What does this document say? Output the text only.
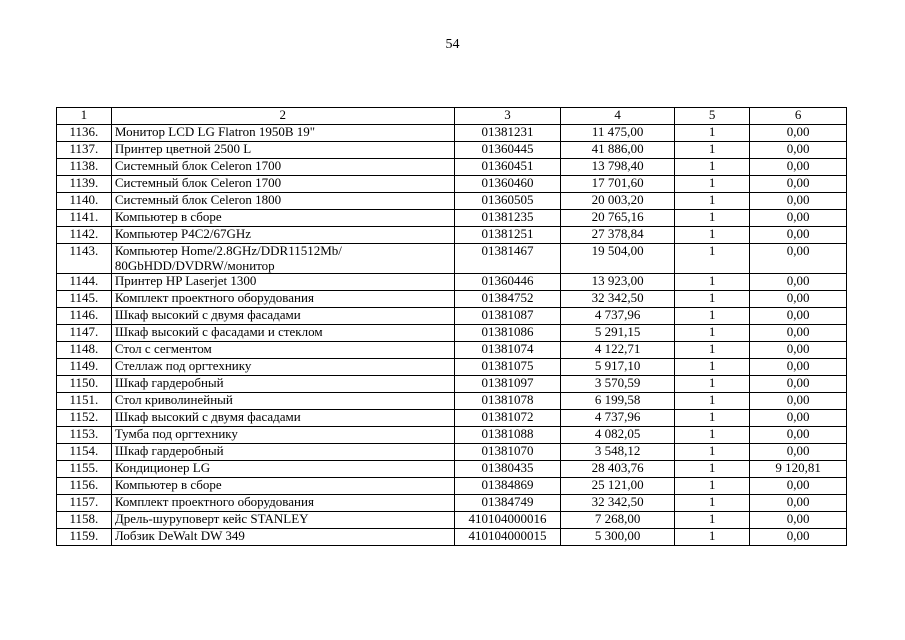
54
1	2	3	4	5	6
1136.	Монитор LCD LG Flatron 1950B 19"	01381231	11 475,00	1	0,00
1137.	Принтер цветной 2500 L	01360445	41 886,00	1	0,00
1138.	Системный блок Celeron 1700	01360451	13 798,40	1	0,00
1139.	Системный блок Celeron 1700	01360460	17 701,60	1	0,00
1140.	Системный блок Celeron 1800	01360505	20 003,20	1	0,00
1141.	Компьютер в сборе	01381235	20 765,16	1	0,00
1142.	Компьютер P4C2/67GHz	01381251	27 378,84	1	0,00
1143.	Компьютер Home/2.8GHz/DDR11512Mb/ 80GbHDD/DVDRW/монитор	01381467	19 504,00	1	0,00
1144.	Принтер HP Laserjet 1300	01360446	13 923,00	1	0,00
1145.	Комплект проектного оборудования	01384752	32 342,50	1	0,00
1146.	Шкаф высокий с двумя фасадами	01381087	4 737,96	1	0,00
1147.	Шкаф высокий с фасадами и стеклом	01381086	5 291,15	1	0,00
1148.	Стол с сегментом	01381074	4 122,71	1	0,00
1149.	Стеллаж под оргтехнику	01381075	5 917,10	1	0,00
1150.	Шкаф гардеробный	01381097	3 570,59	1	0,00
1151.	Стол криволинейный	01381078	6 199,58	1	0,00
1152.	Шкаф высокий с двумя фасадами	01381072	4 737,96	1	0,00
1153.	Тумба под оргтехнику	01381088	4 082,05	1	0,00
1154.	Шкаф гардеробный	01381070	3 548,12	1	0,00
1155.	Кондиционер LG	01380435	28 403,76	1	9 120,81
1156.	Компьютер в сборе	01384869	25 121,00	1	0,00
1157.	Комплект проектного оборудования	01384749	32 342,50	1	0,00
1158.	Дрель-шуруповерт кейс STANLEY	410104000016	7 268,00	1	0,00
1159.	Лобзик DeWalt DW 349	410104000015	5 300,00	1	0,00
